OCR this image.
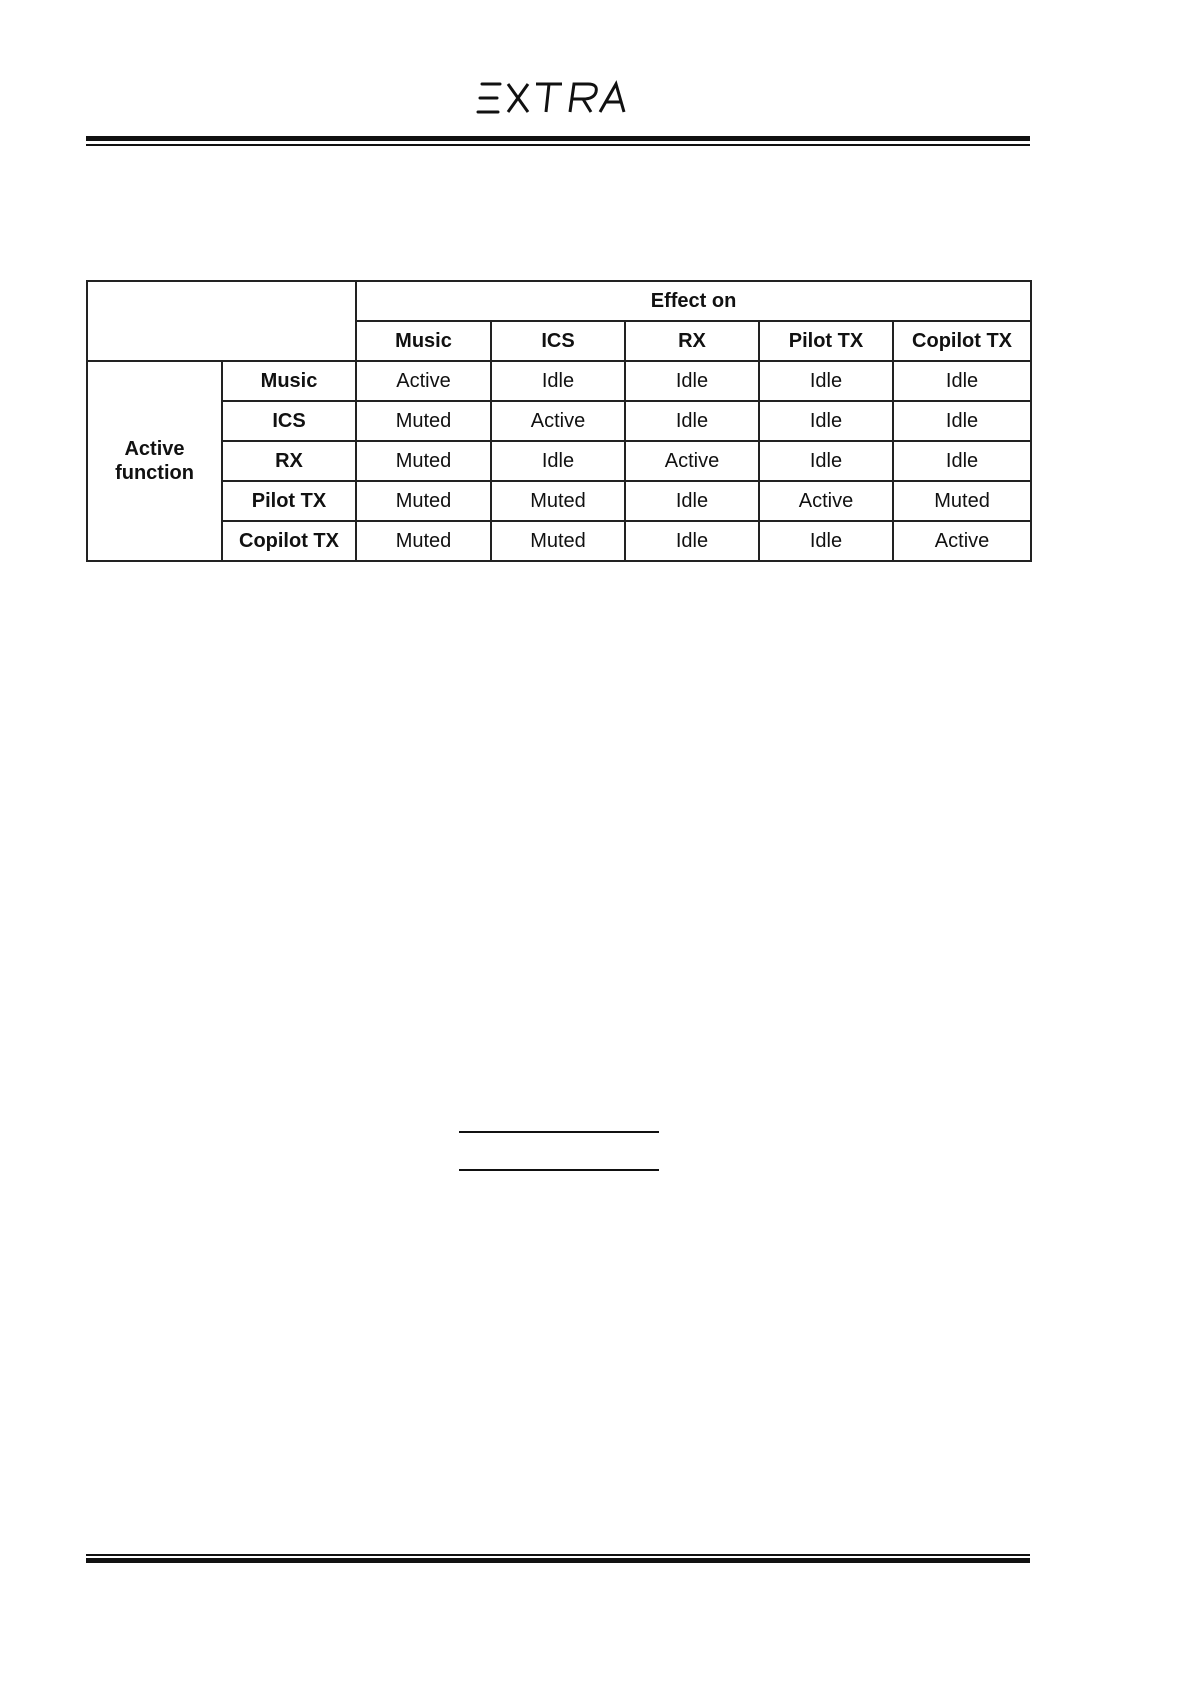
		Effect on				
		Music	ICS	RX	Pilot TX	Copilot TX
Active function	Music	Active	Idle	Idle	Idle	Idle
	ICS	Muted	Active	Idle	Idle	Idle
	RX	Muted	Idle	Active	Idle	Idle
	Pilot TX	Muted	Muted	Idle	Active	Muted
	Copilot TX	Muted	Muted	Idle	Idle	Active
